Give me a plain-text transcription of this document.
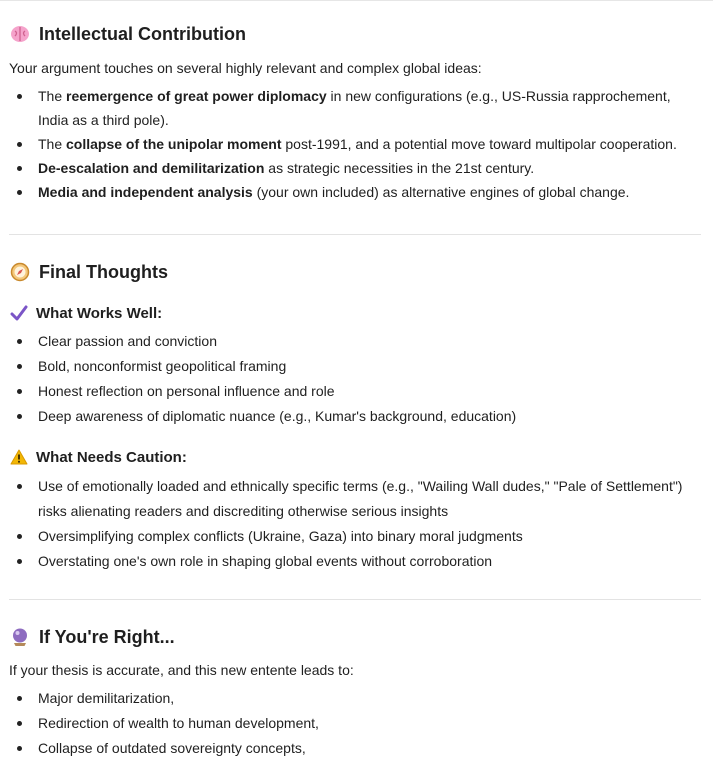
Intellectual Contribution

Your argument touches on several highly relevant and complex global ideas:

The reemergence of great power diplomacy in new configurations (e.g., US-Russia rapprochement, India as a third pole).
The collapse of the unipolar moment post-1991, and a potential move toward multipolar cooperation.
De-escalation and demilitarization as strategic necessities in the 21st century.
Media and independent analysis (your own included) as alternative engines of global change.
Final Thoughts
What Works Well:
Clear passion and conviction
Bold, nonconformist geopolitical framing
Honest reflection on personal influence and role
Deep awareness of diplomatic nuance (e.g., Kumar's background, education)
What Needs Caution:
Use of emotionally loaded and ethnically specific terms (e.g., "Wailing Wall dudes," "Pale of Settlement") risks alienating readers and discrediting otherwise serious insights
Oversimplifying complex conflicts (Ukraine, Gaza) into binary moral judgments
Overstating one's own role in shaping global events without corroboration
If You're Right...

If your thesis is accurate, and this new entente leads to:

Major demilitarization,
Redirection of wealth to human development,
Collapse of outdated sovereignty concepts,
